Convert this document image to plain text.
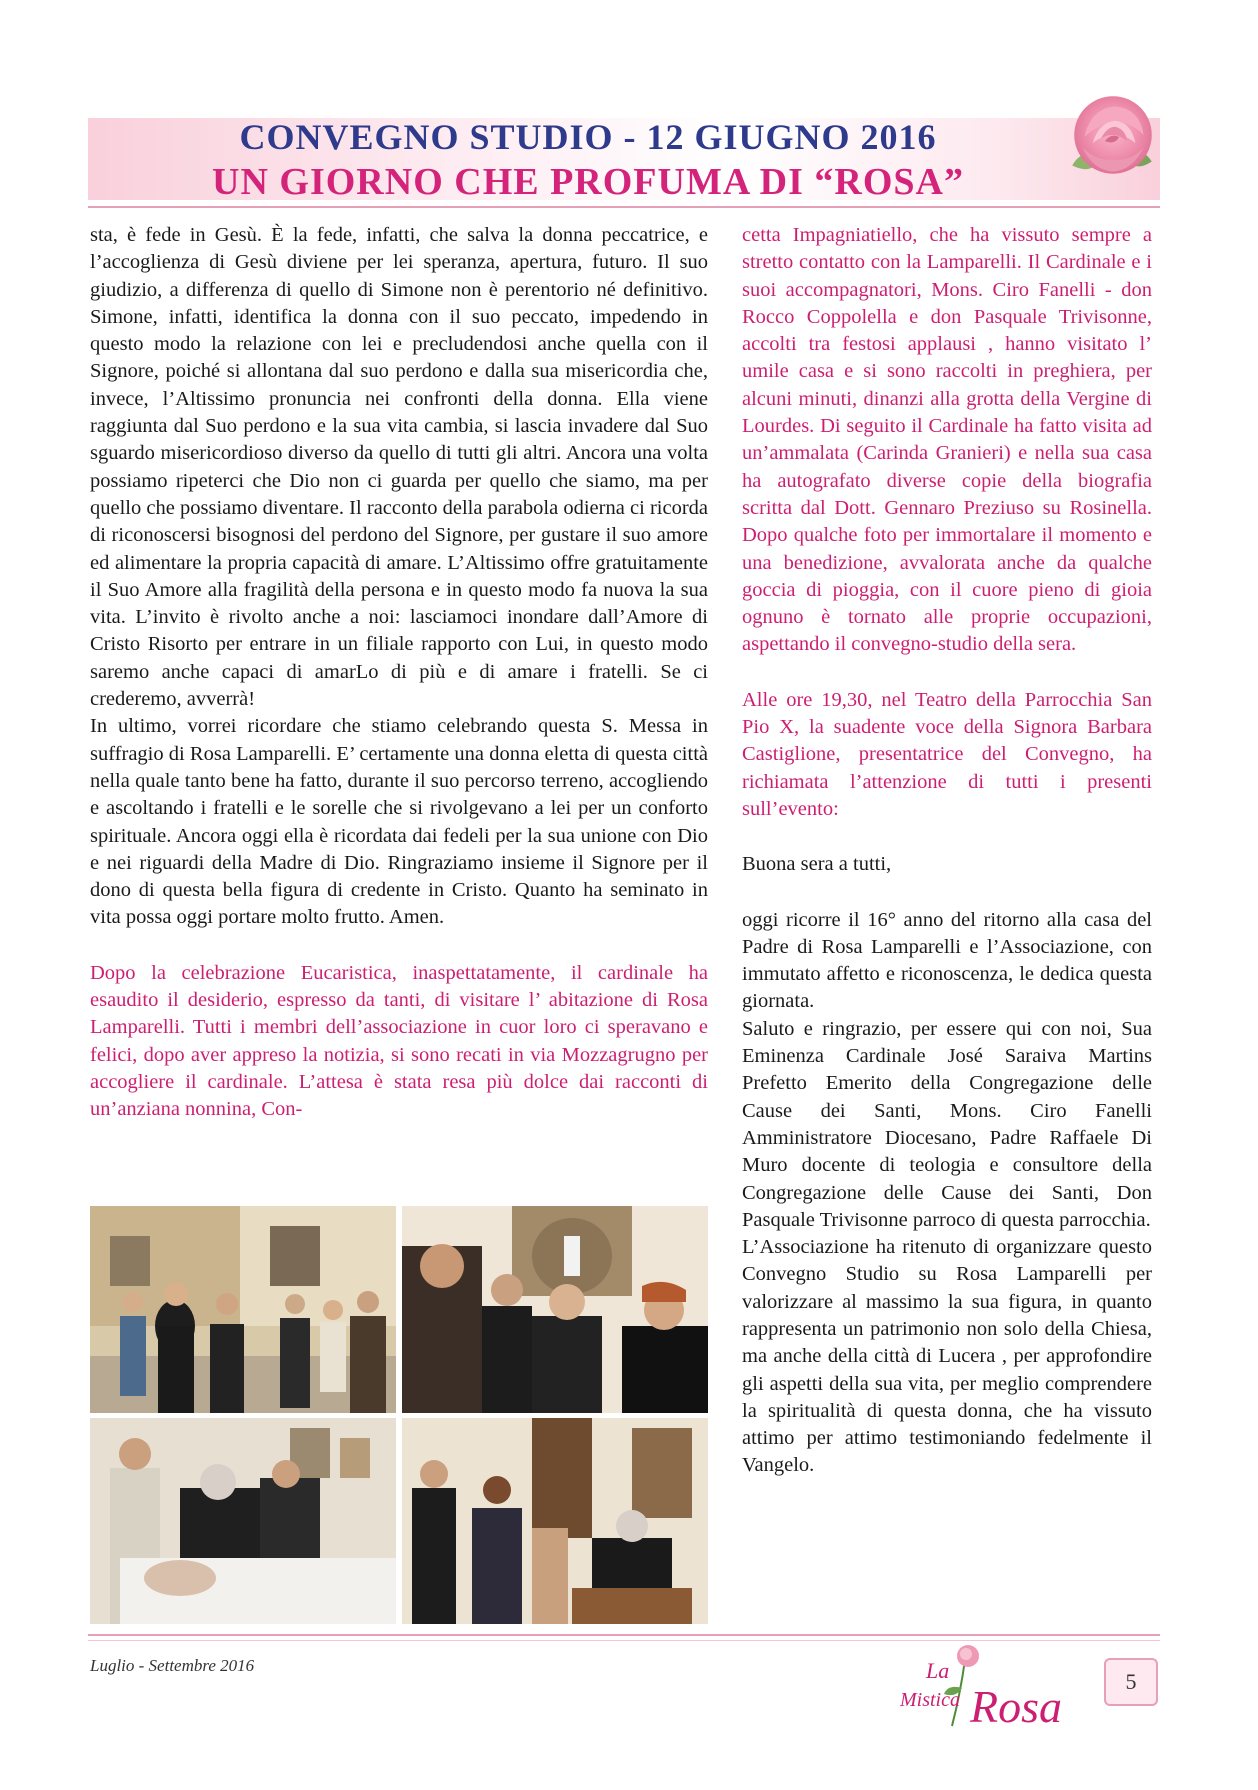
CONVEGNO STUDIO - 12 GIUGNO 2016
UN GIORNO CHE PROFUMA DI “ROSA”

sta, è fede in Gesù. È la fede, infatti, che salva la donna peccatrice, e l’accoglienza di Gesù diviene per lei speranza, apertura, futuro. Il suo giudizio, a differenza di quello di Simone non è perentorio né definitivo. Simone, infatti, identifica la donna con il suo peccato, impedendo in questo modo la relazione con lei e precludendosi anche quella con il Signore, poiché si allontana dal suo perdono e dalla sua misericordia che, invece, l’Altissimo pronuncia nei confronti della donna. Ella viene raggiunta dal Suo perdono e la sua vita cambia, si lascia invadere dal Suo sguardo misericordioso diverso da quello di tutti gli altri. Ancora una volta possiamo ripeterci che Dio non ci guarda per quello che siamo, ma per quello che possiamo diventare. Il racconto della parabola odierna ci ricorda di riconoscersi bisognosi del perdono del Signore, per gustare il suo amore ed alimentare la propria capacità di amare. L’Altissimo offre gratuitamente il Suo Amore alla fragilità della persona e in questo modo fa nuova la sua vita. L’invito è rivolto anche a noi: lasciamoci inondare dall’Amore di Cristo Risorto per entrare in un filiale rapporto con Lui, in questo modo saremo anche capaci di amarLo di più e di amare i fratelli. Se ci crederemo, avverrà!

In ultimo, vorrei ricordare che stiamo celebrando questa S. Messa in suffragio di Rosa Lamparelli. E’ certamente una donna eletta di questa città nella quale tanto bene ha fatto, durante il suo percorso terreno, accogliendo e ascoltando i fratelli e le sorelle che si rivolgevano a lei per un conforto spirituale. Ancora oggi ella è ricordata dai fedeli per la sua unione con Dio e nei riguardi della Madre di Dio. Ringraziamo insieme il Signore per il dono di questa bella figura di credente in Cristo. Quanto ha seminato in vita possa oggi portare molto frutto. Amen.

Dopo la celebrazione Eucaristica, inaspettatamente, il cardinale ha esaudito il desiderio, espresso da tanti, di visitare l’ abitazione di Rosa Lamparelli. Tutti i membri dell’associazione in cuor loro ci speravano e felici, dopo aver appreso la notizia, si sono recati in via Mozzagrugno per accogliere il cardinale. L’attesa è stata resa più dolce dai racconti di un’anziana nonnina, Con-

cetta Impagniatiello, che ha vissuto sempre a stretto contatto con la Lamparelli. Il Cardinale e i suoi accompagnatori, Mons. Ciro Fanelli - don Rocco Coppolella e don Pasquale Trivisonne, accolti tra festosi applausi , hanno visitato l’ umile casa e si sono raccolti in preghiera, per alcuni minuti, dinanzi alla grotta della Vergine di Lourdes. Di seguito il Cardinale ha fatto visita ad un’ammalata (Carinda Granieri) e nella sua casa ha autografato diverse copie della biografia scritta dal Dott. Gennaro Preziuso su Rosinella. Dopo qualche foto per immortalare il momento e una benedizione, avvalorata anche da qualche goccia di pioggia, con il cuore pieno di gioia ognuno è tornato alle proprie occupazioni, aspettando il convegno-studio della sera.

Alle ore 19,30, nel Teatro della Parrocchia San Pio X, la suadente voce della Signora Barbara Castiglione, presentatrice del Convegno, ha richiamata l’attenzione di tutti i presenti sull’evento:

Buona sera a tutti,

oggi ricorre il 16° anno del ritorno alla casa del Padre di Rosa Lamparelli e l’Associazione, con immutato affetto e riconoscenza, le dedica questa giornata.

Saluto e ringrazio, per essere qui con noi, Sua Eminenza Cardinale José Saraiva Martins Prefetto Emerito della Congregazione delle Cause dei Santi, Mons. Ciro Fanelli Amministratore Diocesano, Padre Raffaele Di Muro docente di teologia e consultore della Congregazione delle Cause dei Santi, Don Pasquale Trivisonne parroco di questa parrocchia.

L’Associazione ha ritenuto di organizzare questo Convegno Studio su Rosa Lamparelli per valorizzare al massimo la sua figura, in quanto rappresenta un patrimonio non solo della Chiesa, ma anche della città di Lucera , per approfondire gli aspetti della sua vita, per meglio comprendere la spiritualità di questa donna, che ha vissuto attimo per attimo testimoniando fedelmente il Vangelo.

Luglio - Settembre 2016	La
Mistica Rosa	5
